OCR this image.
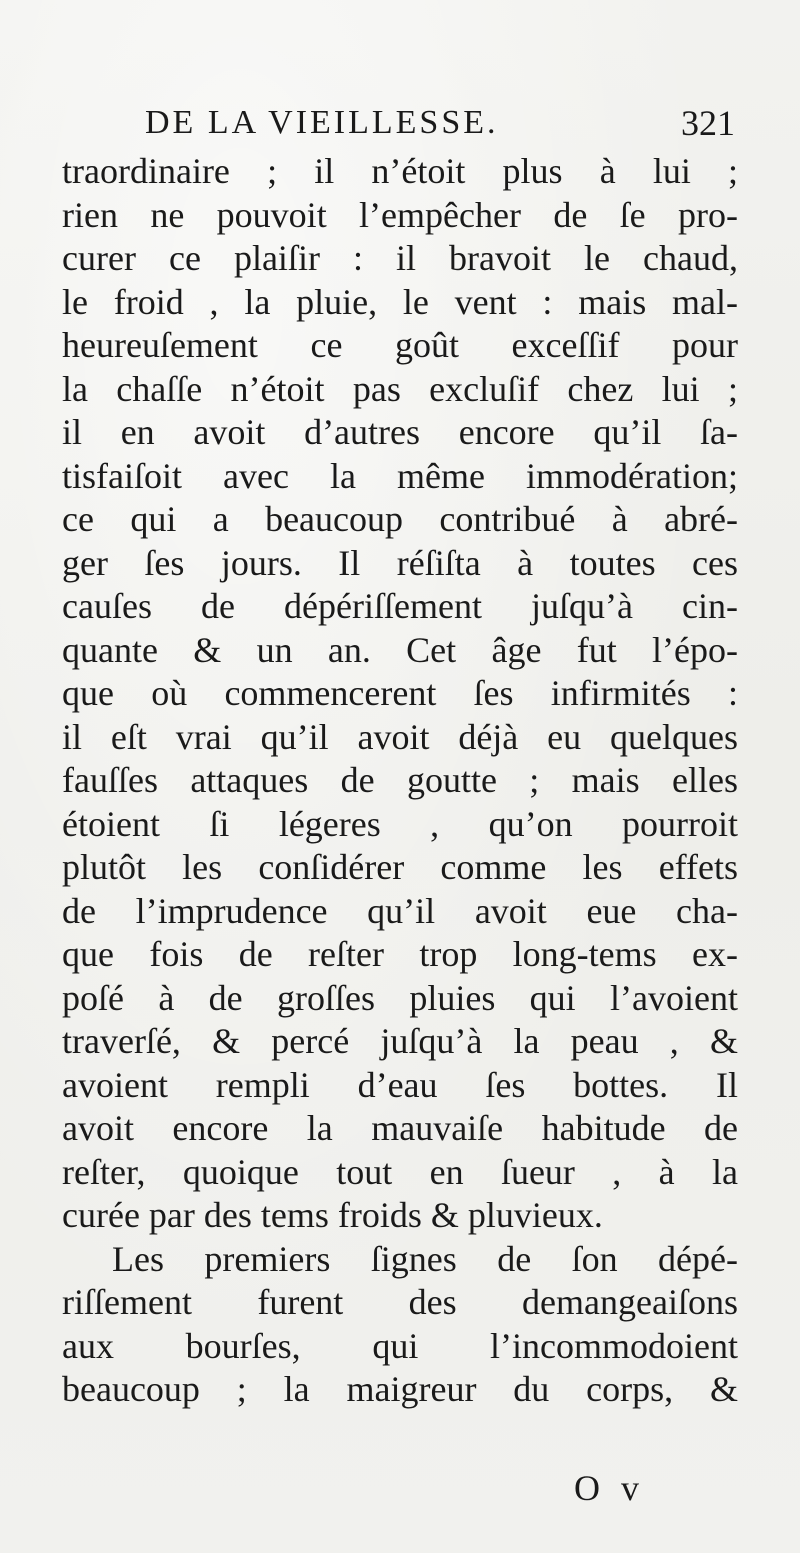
DE LA VIEILLESSE.	321
traordinaire ; il n’étoit plus à lui ;
rien ne pouvoit l’empêcher de ſe pro-
curer ce plaiſir : il bravoit le chaud,
le froid , la pluie, le vent : mais mal-
heureuſement ce goût exceſſif pour
la chaſſe n’étoit pas excluſif chez lui ;
il en avoit d’autres encore qu’il ſa-
tisfaiſoit avec la même immodération;
ce qui a beaucoup contribué à abré-
ger ſes jours. Il réſiſta à toutes ces
cauſes de dépériſſement juſqu’à cin-
quante & un an. Cet âge fut l’épo-
que où commencerent ſes infirmités :
il eſt vrai qu’il avoit déjà eu quelques
fauſſes attaques de goutte ; mais elles
étoient ſi légeres , qu’on pourroit
plutôt les conſidérer comme les effets
de l’imprudence qu’il avoit eue cha-
que fois de reſter trop long-tems ex-
poſé à de groſſes pluies qui l’avoient
traverſé, & percé juſqu’à la peau , &
avoient rempli d’eau ſes bottes. Il
avoit encore la mauvaiſe habitude de
reſter, quoique tout en ſueur , à la
curée par des tems froids & pluvieux.
Les premiers ſignes de ſon dépé-
riſſement furent des demangeaiſons
aux bourſes, qui l’incommodoient
beaucoup ; la maigreur du corps, &
O v
